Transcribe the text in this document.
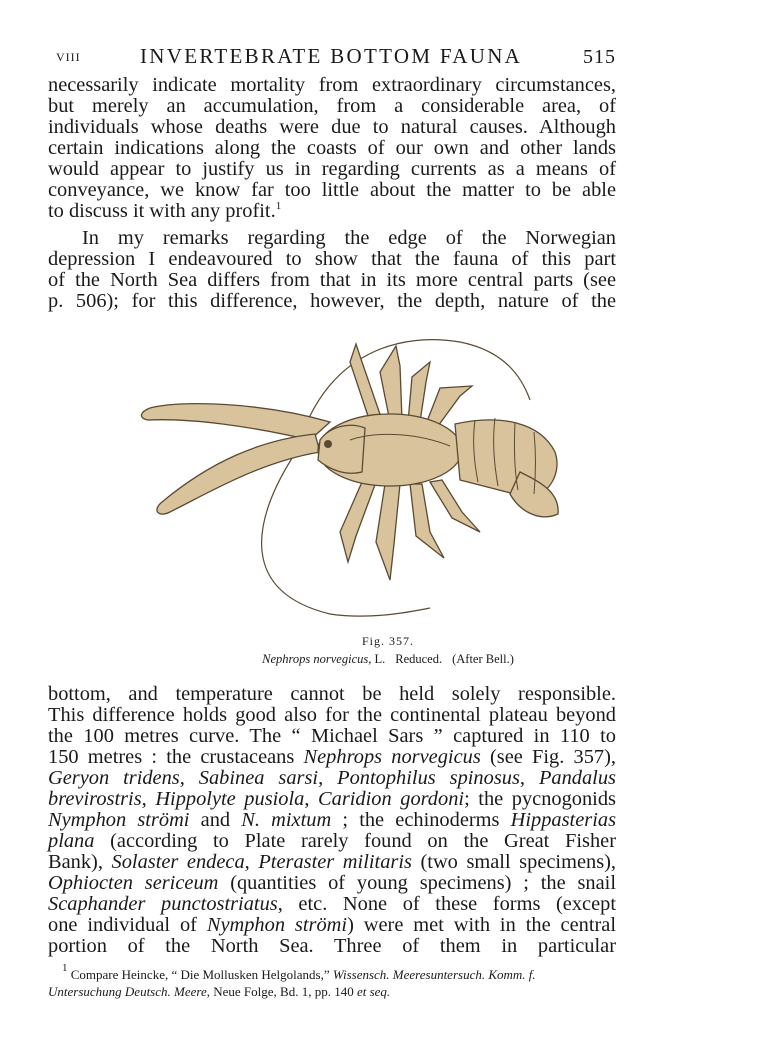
VIII	INVERTEBRATE BOTTOM FAUNA	515
necessarily indicate mortality from extraordinary circumstances,
but merely an accumulation, from a considerable area, of
individuals whose deaths were due to natural causes. Although
certain indications along the coasts of our own and other lands
would appear to justify us in regarding currents as a means of
conveyance, we know far too little about the matter to be able
to discuss it with any profit.$^1$
In my remarks regarding the edge of the Norwegian
depression I endeavoured to show that the fauna of this part
of the North Sea differs from that in its more central parts (see
p. 506); for this difference, however, the depth, nature of the
Fig. 357.
Nephrops norvegicus, L. Reduced. (After Bell.)
bottom, and temperature cannot be held solely responsible.
This difference holds good also for the continental plateau beyond
the 100 metres curve. The “ Michael Sars ” captured in 110 to
150 metres : the crustaceans Nephrops norvegicus (see Fig. 357),
Geryon tridens, Sabinea sarsi, Pontophilus spinosus, Pandalus
brevirostris, Hippolyte pusiola, Caridion gordoni; the pycnogonids
Nymphon strömi and N. mixtum ; the echinoderms Hippasterias
plana (according to Plate rarely found on the Great Fisher
Bank), Solaster endeca, Pteraster militaris (two small specimens),
Ophiocten sericeum (quantities of young specimens) ; the snail
Scaphander punctostriatus, etc. None of these forms (except
one individual of Nymphon strömi) were met with in the central
portion of the North Sea. Three of them in particular
$^1$ Compare Heincke, “ Die Mollusken Helgolands,” Wissensch. Meeresuntersuch. Komm. f.
Untersuchung Deutsch. Meere, Neue Folge, Bd. 1, pp. 140 et seq.
